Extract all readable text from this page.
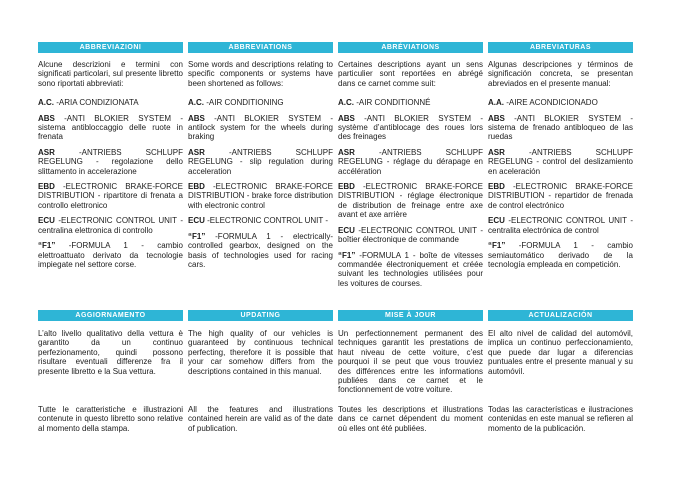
ABBREVIAZIONI

Alcune descrizioni e termini con significati particolari, sul presente libretto sono riportati abbreviati:

A.C. -ARIA CONDIZIONATA

ABS -ANTI BLOKIER SYSTEM - sistema antibloccaggio delle ruote in frenata

ASR	-ANTRIEBS SCHLUPF REGELUNG - regolazione dello slittamento in accelerazione

EBD -ELECTRONIC BRAKE-FORCE DISTRIBUTION - ripartitore di frenata a controllo elettronico

ECU -ELECTRONIC CONTROL UNIT - centralina elettronica di controllo

“F1” -FORMULA 1 - cambio elettroattuato derivato da tecnologie impiegate nel settore corse.

AGGIORNAMENTO

L’alto livello qualitativo della vettura è garantito da un continuo perfezionamento, quindi possono risultare eventuali differenze fra il presente libretto e la Sua vettura.

Tutte le caratteristiche e illustrazioni contenute in questo libretto sono relative al momento della stampa.

ABBREVIATIONS

Some words and descriptions relating to specific components or systems have been shortened as follows:

A.C. -AIR CONDITIONING

ABS -ANTI BLOKIER SYSTEM - antilock system for the wheels during braking

ASR	-ANTRIEBS SCHLUPF REGELUNG - slip regulation during acceleration

EBD -ELECTRONIC BRAKE-FORCE DISTRIBUTION - brake force distribution with electronic control

ECU -ELECTRONIC CONTROL UNIT -

“F1” -FORMULA 1 - electrically-controlled gearbox, designed on the basis of technologies used for racing cars.

UPDATING

The high quality of our vehicles is guaranteed by continuous technical perfecting, therefore it is possible that your car somehow differs from the descriptions contained in this manual.

All the features and illustrations contained herein are valid as of the date of publication.

ABRÉVIATIONS

Certaines descriptions ayant un sens particulier sont reportées en abrégé dans ce carnet comme suit:

A.C. -AIR CONDITIONNÉ

ABS -ANTI BLOKIER SYSTEM - système d’antiblocage des roues lors des freinages

ASR	-ANTRIEBS SCHLUPF REGELUNG - réglage du dérapage en accélération

EBD -ELECTRONIC BRAKE-FORCE DISTRIBUTION - réglage électronique de distribution de freinage entre axe avant et axe arrière

ECU -ELECTRONIC CONTROL UNIT - boîtier électronique de commande

“F1” -FORMULA 1 - boîte de vitesses commandée électroniquement et créée suivant les technologies utilisées pour les voitures de courses.

MISE À JOUR

Un perfectionnement permanent des techniques garantit les prestations de haut niveau de cette voiture, c’est pourquoi il se peut que vous trouviez des différences entre les informations publiées dans ce carnet et le fonctionnement de votre voiture.

Toutes les descriptions et illustrations dans ce carnet dépendent du moment où elles ont été publiées.

ABREVIATURAS

Algunas descripciones y términos de significación concreta, se presentan abreviados en el presente manual:

A.A. -AIRE ACONDICIONADO

ABS -ANTI BLOKIER SYSTEM - sistema de frenado antibloqueo de las ruedas

ASR	-ANTRIEBS SCHLUPF REGELUNG - control del deslizamiento en aceleración

EBD -ELECTRONIC BRAKE-FORCE DISTRIBUTION - repartidor de frenada de control electrónico

ECU -ELECTRONIC CONTROL UNIT - centralita electrónica de control

“F1” -FORMULA 1 - cambio semiautomático derivado de la tecnología empleada en competición.

ACTUALIZACIÓN

El alto nivel de calidad del automóvil, implica un continuo perfeccionamiento, que puede dar lugar a diferencias puntuales entre el presente manual y su automóvil.

Todas las características e ilustraciones contenidas en este manual se refieren al momento de la publicación.
